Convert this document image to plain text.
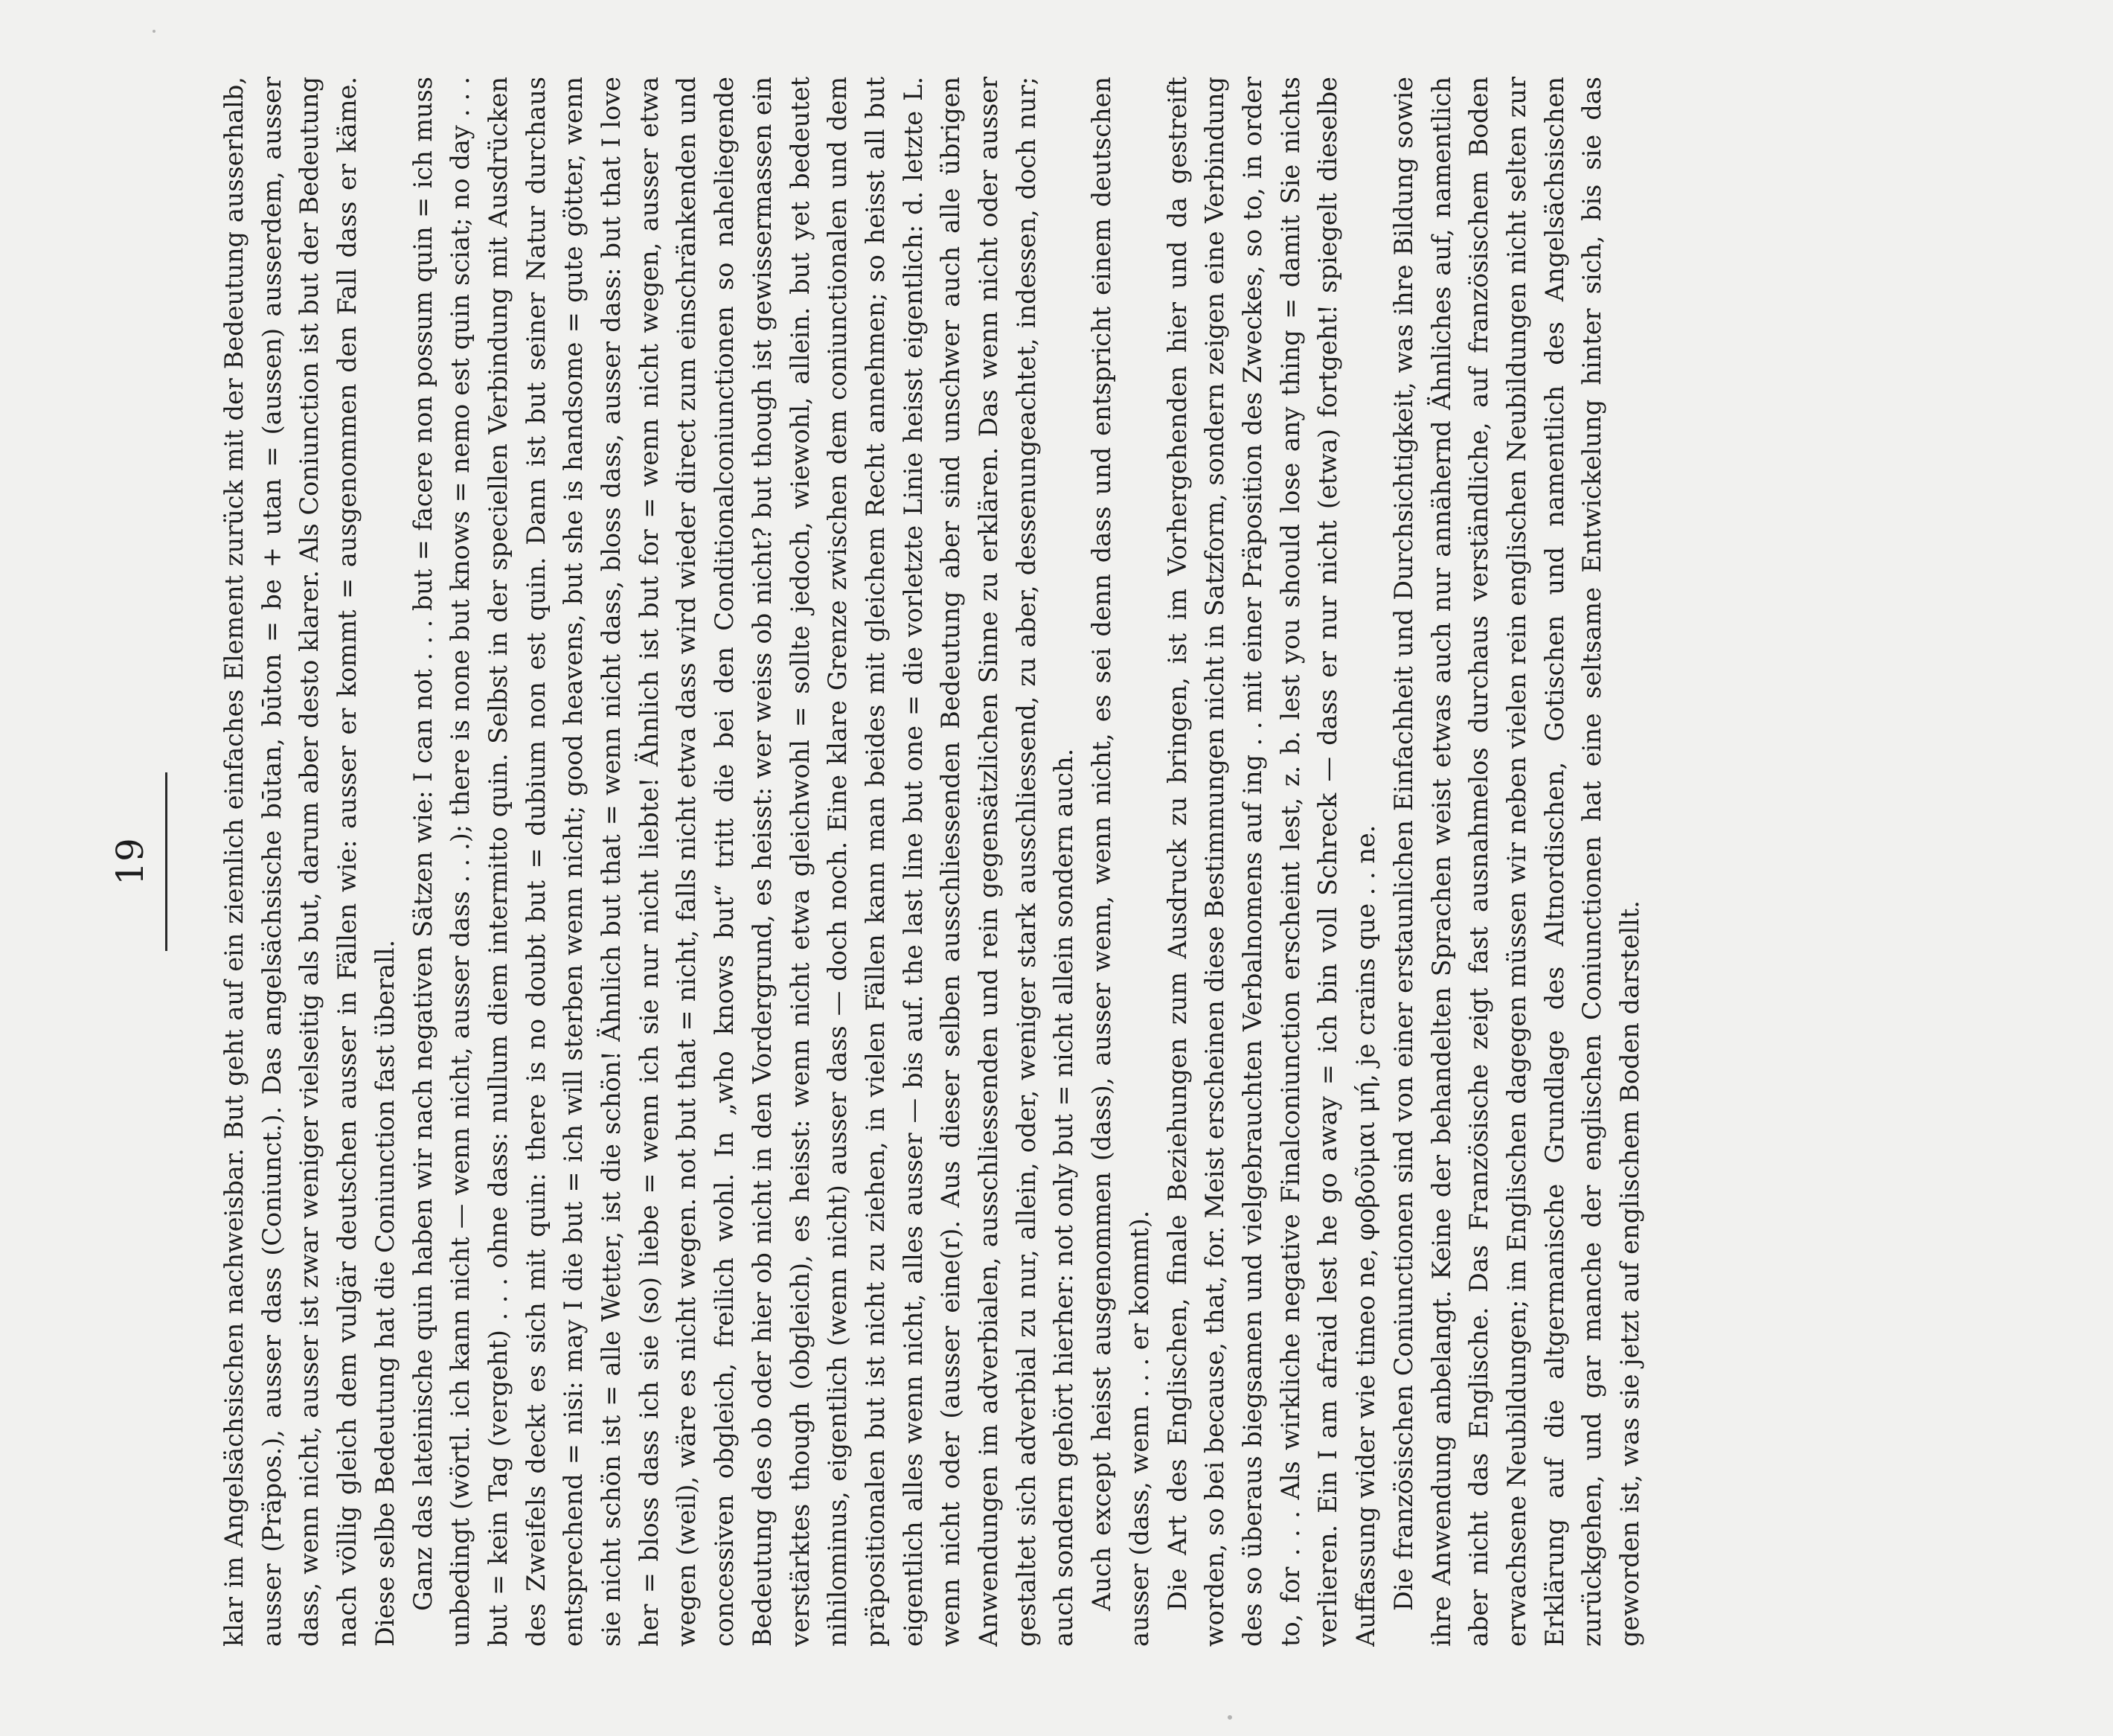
19	klar im Angelsächsischen nachweisbar. But geht auf ein ziemlich einfaches Element zurück mit der Bedeutung ausserhalb, ausser (Präpos.), ausser dass (Coniunct.). Das angelsächsische būtan, būton = be + utan = (aussen) ausserdem, ausser dass, wenn nicht, ausser ist zwar weniger vielseitig als but, darum aber desto klarer. Als Coniunction ist but der Bedeutung nach völlig gleich dem vulgär deutschen ausser in Fällen wie: ausser er kommt = ausgenommen den Fall dass er käme. Diese selbe Bedeutung hat die Coniunction fast überall. Ganz das lateinische quin haben wir nach negativen Sätzen wie: I can not . . . but = facere non possum quin = ich muss unbedingt (wörtl. ich kann nicht — wenn nicht, ausser dass . . .); there is none but knows = nemo est quin sciat; no day . . . but = kein Tag (vergeht) . . . ohne dass: nullum diem intermitto quin. Selbst in der speciellen Verbindung mit Ausdrücken des Zweifels deckt es sich mit quin: there is no doubt but = dubium non est quin. Dann ist but seiner Natur durchaus entsprechend = nisi: may I die but = ich will sterben wenn nicht; good heavens, but she is handsome = gute götter, wenn sie nicht schön ist = alle Wetter, ist die schön! Ähnlich but that = wenn nicht dass, bloss dass, ausser dass: but that I love her = bloss dass ich sie (so) liebe = wenn ich sie nur nicht liebte! Ähnlich ist but for = wenn nicht wegen, ausser etwa wegen (weil), wäre es nicht wegen. not but that = nicht, falls nicht etwa dass wird wieder direct zum einschränkenden und concessiven obgleich, freilich wohl. In „who knows but“ tritt die bei den Conditionalconiunctionen so naheliegende Bedeutung des ob oder hier ob nicht in den Vordergrund, es heisst: wer weiss ob nicht? but though ist gewissermassen ein verstärktes though (obgleich), es heisst: wenn nicht etwa gleichwohl = sollte jedoch, wiewohl, allein. but yet bedeutet nihilominus, eigentlich (wenn nicht) ausser dass — doch noch. Eine klare Grenze zwischen dem coniunctionalen und dem präpositionalen but ist nicht zu ziehen, in vielen Fällen kann man beides mit gleichem Recht annehmen; so heisst all but eigentlich alles wenn nicht, alles ausser — bis auf. the last line but one = die vorletzte Linie heisst eigentlich: d. letzte L. wenn nicht oder (ausser eine(r). Aus dieser selben ausschliessenden Bedeutung aber sind unschwer auch alle übrigen Anwendungen im adverbialen, ausschliessenden und rein gegensätzlichen Sinne zu erklären. Das wenn nicht oder ausser gestaltet sich adverbial zu nur, allein, oder, weniger stark ausschliessend, zu aber, dessenungeachtet, indessen, doch nur; auch sondern gehört hierher: not only but = nicht allein sondern auch. Auch except heisst ausgenommen (dass), ausser wenn, wenn nicht, es sei denn dass und entspricht einem deutschen ausser (dass, wenn . . . er kommt). Die Art des Englischen, finale Beziehungen zum Ausdruck zu bringen, ist im Vorhergehenden hier und da gestreift worden, so bei because, that, for. Meist erscheinen diese Bestimmungen nicht in Satzform, sondern zeigen eine Verbindung des so überaus biegsamen und vielgebrauchten Verbalnomens auf ing . . mit einer Präposition des Zweckes, so to, in order to, for . . . Als wirkliche negative Finalconiunction erscheint lest, z. b. lest you should lose any thing = damit Sie nichts verlieren. Ein I am afraid lest he go away = ich bin voll Schreck — dass er nur nicht (etwa) fortgeht! spiegelt dieselbe Auffassung wider wie timeo ne, φοβοῦμαι μή, je crains que . . ne. Die französischen Coniunctionen sind von einer erstaunlichen Einfachheit und Durchsichtigkeit, was ihre Bildung sowie ihre Anwendung anbelangt. Keine der behandelten Sprachen weist etwas auch nur annähernd Ähnliches auf, namentlich aber nicht das Englische. Das Französische zeigt fast ausnahmelos durchaus verständliche, auf französischem Boden erwachsene Neubildungen; im Englischen dagegen müssen wir neben vielen rein englischen Neubildungen nicht selten zur Erklärung auf die altgermanische Grundlage des Altnordischen, Gotischen und namentlich des Angelsächsischen zurückgehen, und gar manche der englischen Coniunctionen hat eine seltsame Entwickelung hinter sich, bis sie das geworden ist, was sie jetzt auf englischem Boden darstellt.
